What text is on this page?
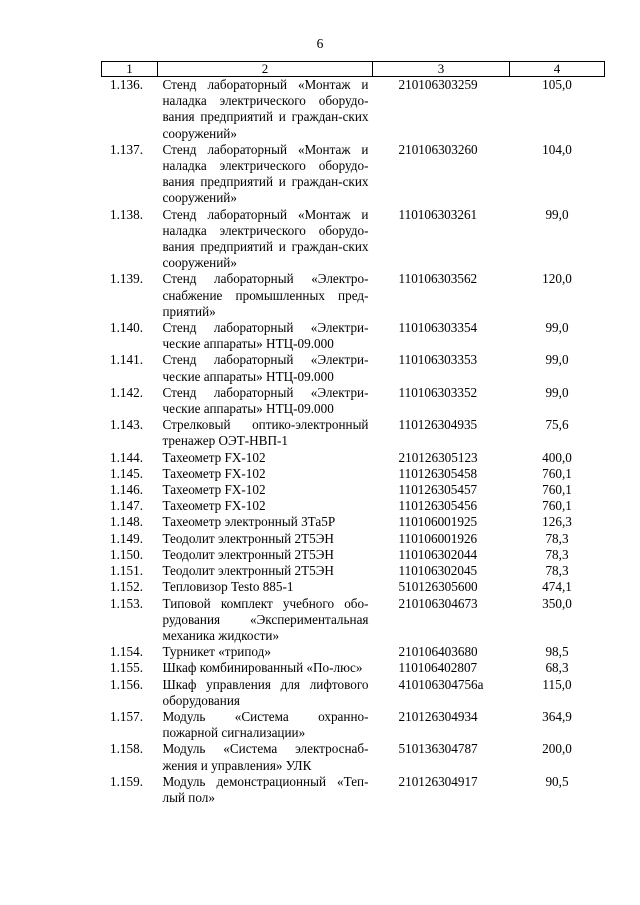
6
1	2	3	4
1.136.	Стенд лабораторный «Монтаж и наладка электрического оборудо-вания предприятий и граждан-ских сооружений»	210106303259	105,0
1.137.	Стенд лабораторный «Монтаж и наладка электрического оборудо-вания предприятий и граждан-ских сооружений»	210106303260	104,0
1.138.	Стенд лабораторный «Монтаж и наладка электрического оборудо-вания предприятий и граждан-ских сооружений»	110106303261	99,0
1.139.	Стенд лабораторный «Электро-снабжение промышленных пред-приятий»	110106303562	120,0
1.140.	Стенд лабораторный «Электри-ческие аппараты» НТЦ-09.000	110106303354	99,0
1.141.	Стенд лабораторный «Электри-ческие аппараты» НТЦ-09.000	110106303353	99,0
1.142.	Стенд лабораторный «Электри-ческие аппараты» НТЦ-09.000	110106303352	99,0
1.143.	Стрелковый оптико-электронный тренажер ОЭТ-НВП-1	110126304935	75,6
1.144.	Тахеометр FX-102	210126305123	400,0
1.145.	Тахеометр FX-102	110126305458	760,1
1.146.	Тахеометр FX-102	110126305457	760,1
1.147.	Тахеометр FX-102	110126305456	760,1
1.148.	Тахеометр электронный 3Та5Р	110106001925	126,3
1.149.	Теодолит электронный 2Т5ЭН	110106001926	78,3
1.150.	Теодолит электронный 2Т5ЭН	110106302044	78,3
1.151.	Теодолит электронный 2Т5ЭН	110106302045	78,3
1.152.	Тепловизор Testo 885-1	510126305600	474,1
1.153.	Типовой комплект учебного обо-рудования «Экспериментальная механика жидкости»	210106304673	350,0
1.154.	Турникет «трипод»	210106403680	98,5
1.155.	Шкаф комбинированный «По-люс»	110106402807	68,3
1.156.	Шкаф управления для лифтового оборудования	410106304756а	115,0
1.157.	Модуль «Система охранно-пожарной сигнализации»	210126304934	364,9
1.158.	Модуль «Система электроснаб-жения и управления» УЛК	510136304787	200,0
1.159.	Модуль демонстрационный «Теп-лый пол»	210126304917	90,5
